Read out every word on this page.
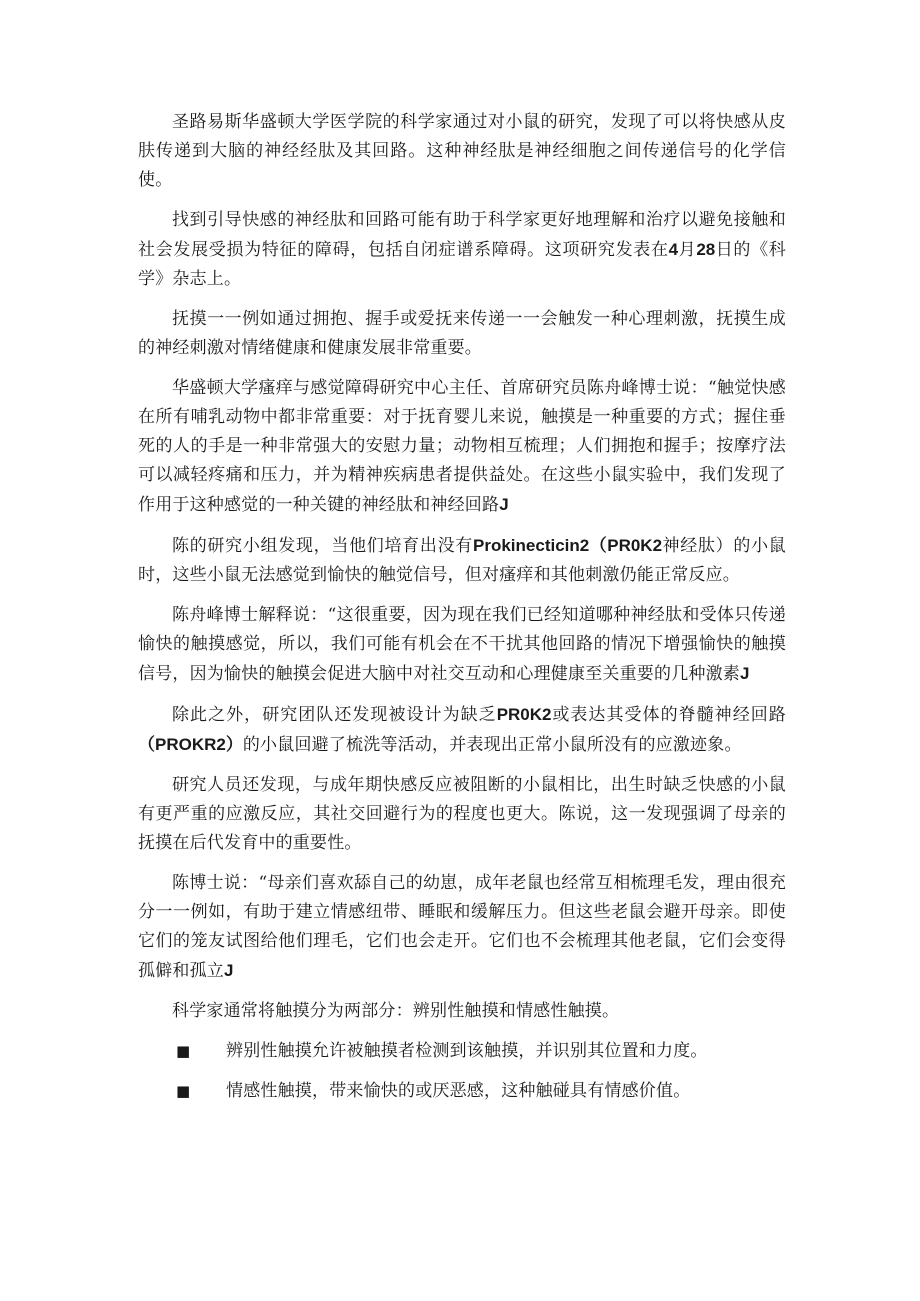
圣路易斯华盛顿大学医学院的科学家通过对小鼠的研究，发现了可以将快感从皮肤传递到大脑的神经经肽及其回路。这种神经肽是神经细胞之间传递信号的化学信使。

找到引导快感的神经肽和回路可能有助于科学家更好地理解和治疗以避免接触和社会发展受损为特征的障碍，包括自闭症谱系障碍。这项研究发表在4月28日的《科学》杂志上。

抚摸一一例如通过拥抱、握手或爱抚来传递一一会触发一种心理刺激，抚摸生成的神经刺激对情绪健康和健康发展非常重要。

华盛顿大学瘙痒与感觉障碍研究中心主任、首席研究员陈舟峰博士说：“触觉快感在所有哺乳动物中都非常重要：对于抚育婴儿来说，触摸是一种重要的方式；握住垂死的人的手是一种非常强大的安慰力量；动物相互梳理；人们拥抱和握手；按摩疗法可以减轻疼痛和压力，并为精神疾病患者提供益处。在这些小鼠实验中，我们发现了作用于这种感觉的一种关键的神经肽和神经回路J

陈的研究小组发现，当他们培育出没有Prokinecticin2（PR0K2神经肽）的小鼠时，这些小鼠无法感觉到愉快的触觉信号，但对瘙痒和其他刺激仍能正常反应。

陈舟峰博士解释说：“这很重要，因为现在我们已经知道哪种神经肽和受体只传递愉快的触摸感觉，所以，我们可能有机会在不干扰其他回路的情况下增强愉快的触摸信号，因为愉快的触摸会促进大脑中对社交互动和心理健康至关重要的几种激素J

除此之外，研究团队还发现被设计为缺乏PR0K2或表达其受体的脊髓神经回路（PROKR2）的小鼠回避了梳洗等活动，并表现出正常小鼠所没有的应激迹象。

研究人员还发现，与成年期快感反应被阻断的小鼠相比，出生时缺乏快感的小鼠有更严重的应激反应，其社交回避行为的程度也更大。陈说，这一发现强调了母亲的抚摸在后代发育中的重要性。

陈博士说：“母亲们喜欢舔自己的幼崽，成年老鼠也经常互相梳理毛发，理由很充分一一例如，有助于建立情感纽带、睡眠和缓解压力。但这些老鼠会避开母亲。即使它们的笼友试图给他们理毛，它们也会走开。它们也不会梳理其他老鼠，它们会变得孤僻和孤立J

科学家通常将触摸分为两部分：辨别性触摸和情感性触摸。

■	辨别性触摸允许被触摸者检测到该触摸，并识别其位置和力度。
■	情感性触摸，带来愉快的或厌恶感，这种触碰具有情感价值。
